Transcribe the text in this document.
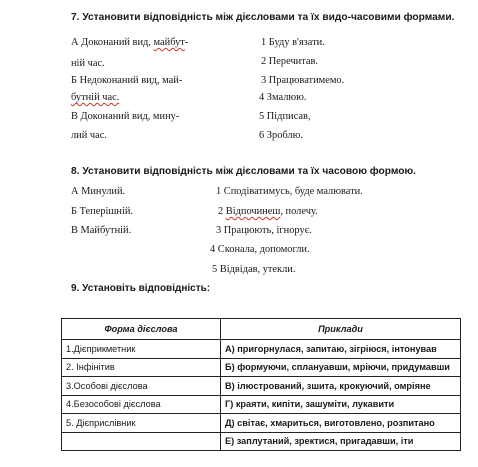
7. Установити відповідність між дієсловами та їх видо-часовими формами.
А Доконаний вид, майбут-
ній час.
Б Недоконаний вид, май-
бутній час.
В Доконаний вид, мину-
лий час.
1 Буду в'язати.
2 Перечитав.
3 Працюватимемо.
4 Змалюю.
5 Підписав,
6 Зроблю.
8. Установити відповідність між дієсловами та їх часовою формою.
А Минулий.
Б Теперішній.
В Майбутній.
1 Сподіватимусь, буде малювати.
2 Відпочинеш, полечу.
3 Працюють, ігнорує.
4 Сконала, допомогли.
5 Відвідав, утекли.
9. Установіть відповідність:
Форма дієслова	Приклади
1.Дієприкметник	А) пригорнулася, запитаю, зігріюся, інтонував
2. Інфінітив	Б) формуючи, сплануавши, мріючи, придумавши
3.Особові дієслова	В) ілюстрований, зшита, крокуючий, омріяне
4.Безособові дієслова	Г) краяти, кипіти, зашуміти, лукавити
5. Дієприслівник	Д) світає, хмариться, виготовлено, розпитано
	Е) заплутаний, зректися, пригадавши, іти
